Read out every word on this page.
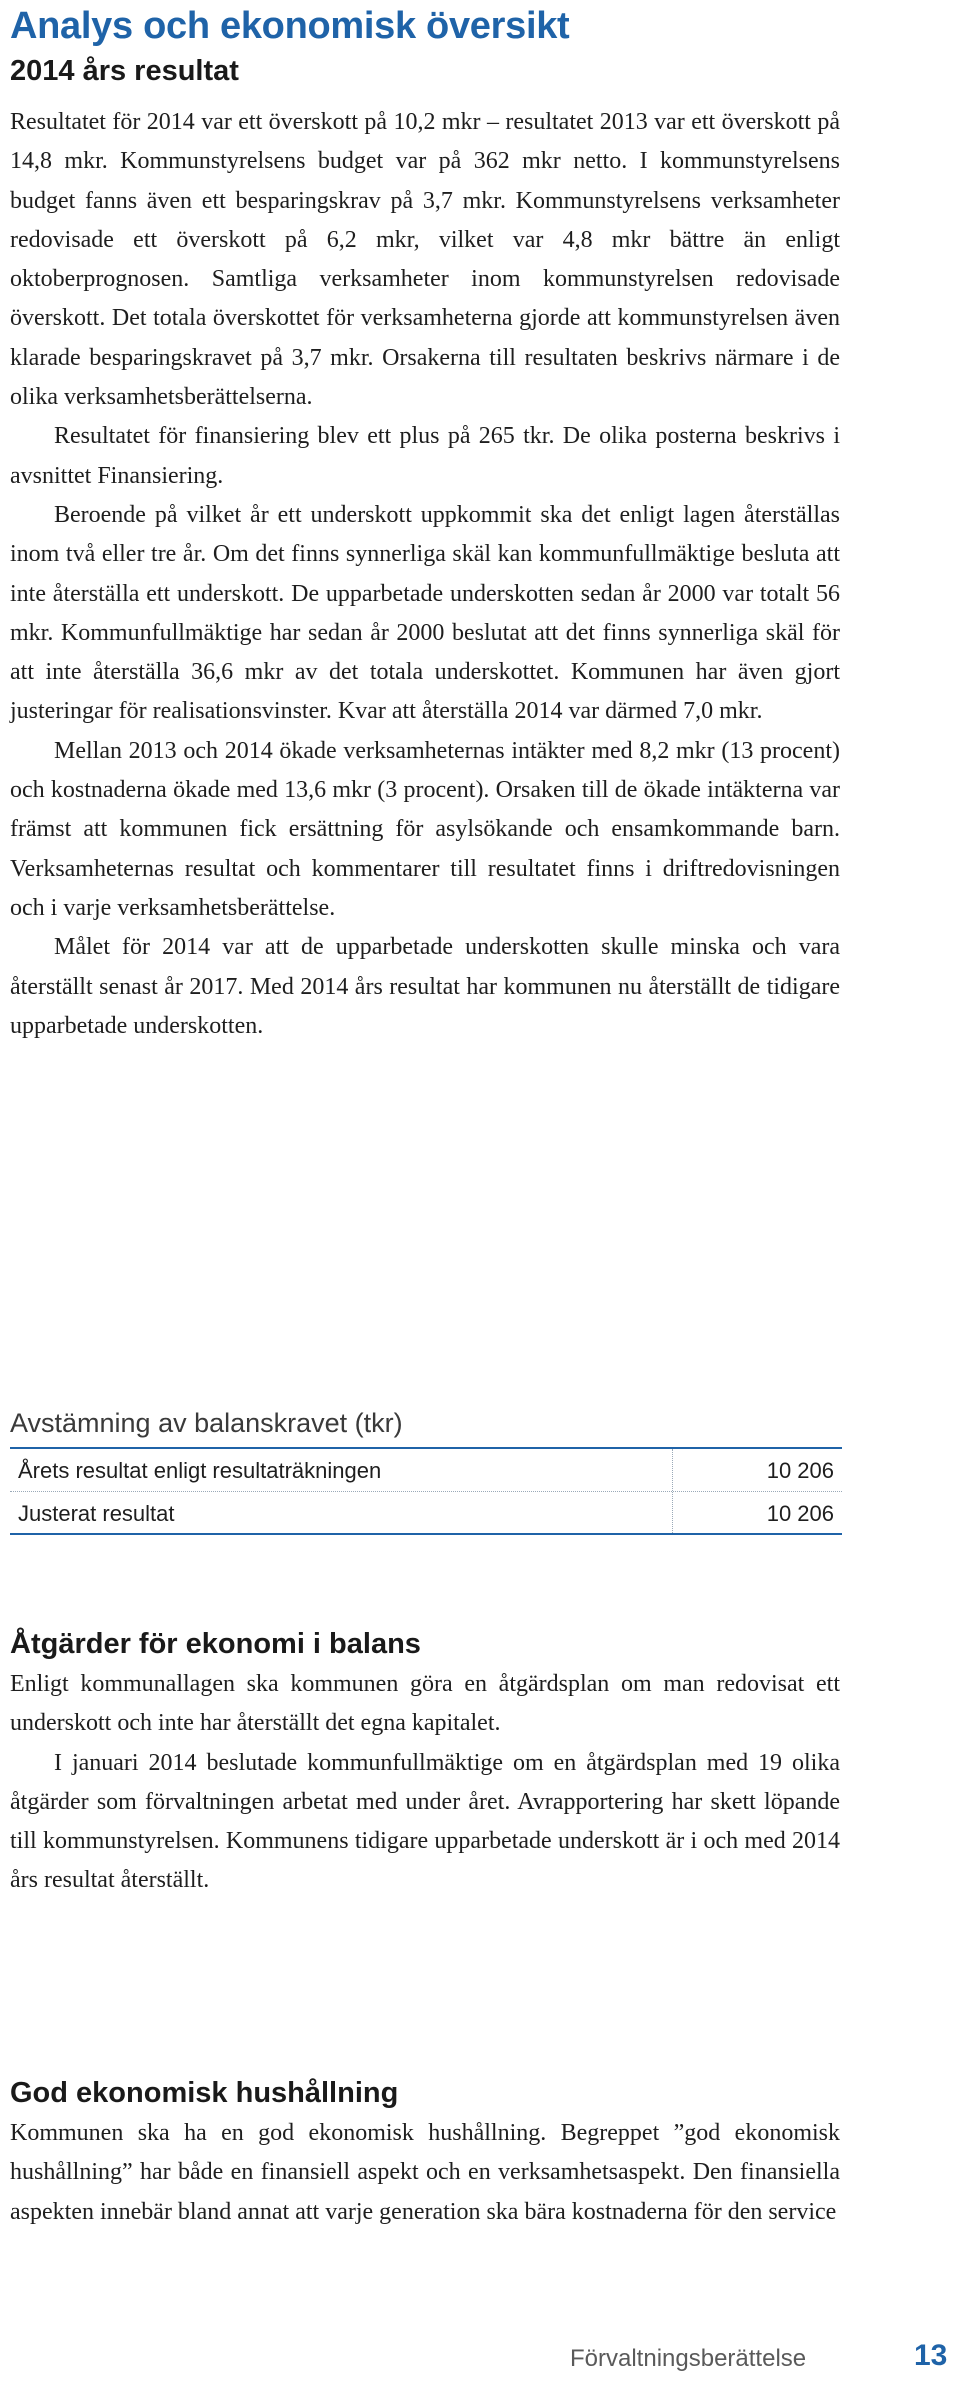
Analys och ekonomisk översikt
2014 års resultat

Resultatet för 2014 var ett överskott på 10,2 mkr – resultatet 2013 var ett överskott på 14,8 mkr. Kommunstyrelsens budget var på 362 mkr netto. I kommunstyrelsens budget fanns även ett besparingskrav på 3,7 mkr. Kommunstyrelsens verksamheter redovisade ett överskott på 6,2 mkr, vilket var 4,8 mkr bättre än enligt oktoberprognosen. Samtliga verksamheter inom kommunstyrelsen redovisade överskott. Det totala överskottet för verksamheterna gjorde att kommunstyrelsen även klarade besparingskravet på 3,7 mkr. Orsakerna till resultaten beskrivs närmare i de olika verksamhetsberättelserna.

Resultatet för finansiering blev ett plus på 265 tkr. De olika posterna beskrivs i avsnittet Finansiering.

Beroende på vilket år ett underskott uppkommit ska det enligt lagen återställas inom två eller tre år. Om det finns synnerliga skäl kan kommunfullmäktige besluta att inte återställa ett underskott. De upparbetade underskotten sedan år 2000 var totalt 56 mkr. Kommunfullmäktige har sedan år 2000 beslutat att det finns synnerliga skäl för att inte återställa 36,6 mkr av det totala underskottet. Kommunen har även gjort justeringar för realisationsvinster. Kvar att återställa 2014 var därmed 7,0 mkr.

Mellan 2013 och 2014 ökade verksamheternas intäkter med 8,2 mkr (13 procent) och kostnaderna ökade med 13,6 mkr (3 procent). Orsaken till de ökade intäkterna var främst att kommunen fick ersättning för asylsökande och ensamkommande barn. Verksamheternas resultat och kommentarer till resultatet finns i driftredovisningen och i varje verksamhetsberättelse.

Målet för 2014 var att de upparbetade underskotten skulle minska och vara återställt senast år 2017. Med 2014 års resultat har kommunen nu återställt de tidigare upparbetade underskotten.

Avstämning av balanskravet (tkr)
Årets resultat enligt resultaträkningen	10 206
Justerat resultat	10 206
Åtgärder för ekonomi i balans

Enligt kommunallagen ska kommunen göra en åtgärdsplan om man redovisat ett underskott och inte har återställt det egna kapitalet.

I januari 2014 beslutade kommunfullmäktige om en åtgärdsplan med 19 olika åtgärder som förvaltningen arbetat med under året. Avrapportering har skett löpande till kommunstyrelsen. Kommunens tidigare upparbetade underskott är i och med 2014 års resultat återställt.

God ekonomisk hushållning

Kommunen ska ha en god ekonomisk hushållning. Begreppet ”god ekonomisk hushållning” har både en finansiell aspekt och en verksamhetsaspekt. Den finansiella aspekten innebär bland annat att varje generation ska bära kostnaderna för den service

Förvaltningsberättelse	13
